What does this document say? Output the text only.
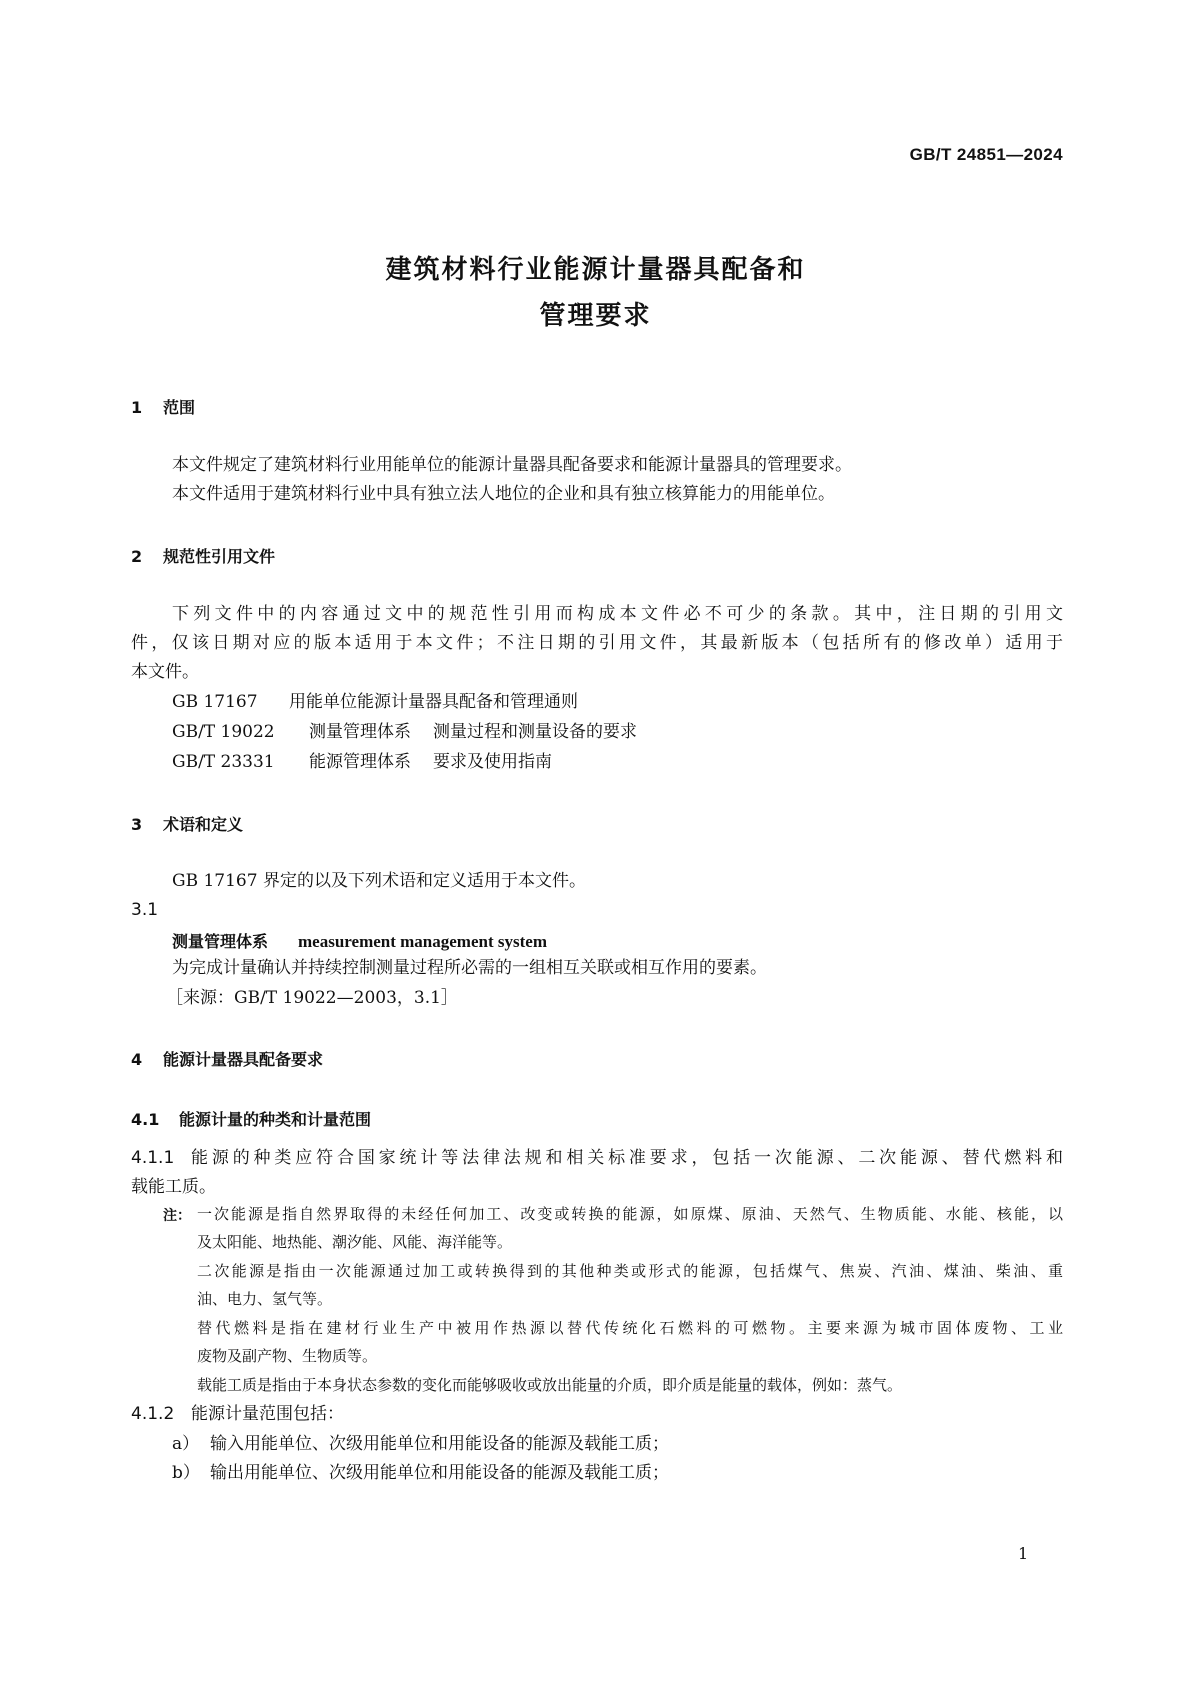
GB/T 24851—2024
建筑材料行业能源计量器具配备和
管理要求
1 范围
本文件规定了建筑材料行业用能单位的能源计量器具配备要求和能源计量器具的管理要求。
本文件适用于建筑材料行业中具有独立法人地位的企业和具有独立核算能力的用能单位。
2 规范性引用文件
下列文件中的内容通过文中的规范性引用而构成本文件必不可少的条款。其中，注日期的引用文
件，仅该日期对应的版本适用于本文件；不注日期的引用文件，其最新版本（包括所有的修改单）适用于
本文件。
GB 17167 用能单位能源计量器具配备和管理通则
GB/T 19022 测量管理体系 测量过程和测量设备的要求
GB/T 23331 能源管理体系 要求及使用指南
3 术语和定义
GB 17167 界定的以及下列术语和定义适用于本文件。
3.1
测量管理体系 measurement management system
为完成计量确认并持续控制测量过程所必需的一组相互关联或相互作用的要素。
［来源：GB/T 19022—2003，3.1］
4 能源计量器具配备要求
4.1 能源计量的种类和计量范围
4.1.1 能源的种类应符合国家统计等法律法规和相关标准要求，包括一次能源、二次能源、替代燃料和
载能工质。
注： 一次能源是指自然界取得的未经任何加工、改变或转换的能源，如原煤、原油、天然气、生物质能、水能、核能，以
及太阳能、地热能、潮汐能、风能、海洋能等。
二次能源是指由一次能源通过加工或转换得到的其他种类或形式的能源，包括煤气、焦炭、汽油、煤油、柴油、重
油、电力、氢气等。
替代燃料是指在建材行业生产中被用作热源以替代传统化石燃料的可燃物。主要来源为城市固体废物、工业
废物及副产物、生物质等。
载能工质是指由于本身状态参数的变化而能够吸收或放出能量的介质，即介质是能量的载体，例如：蒸气。
4.1.2 能源计量范围包括：
a） 输入用能单位、次级用能单位和用能设备的能源及载能工质；
b） 输出用能单位、次级用能单位和用能设备的能源及载能工质；
1
